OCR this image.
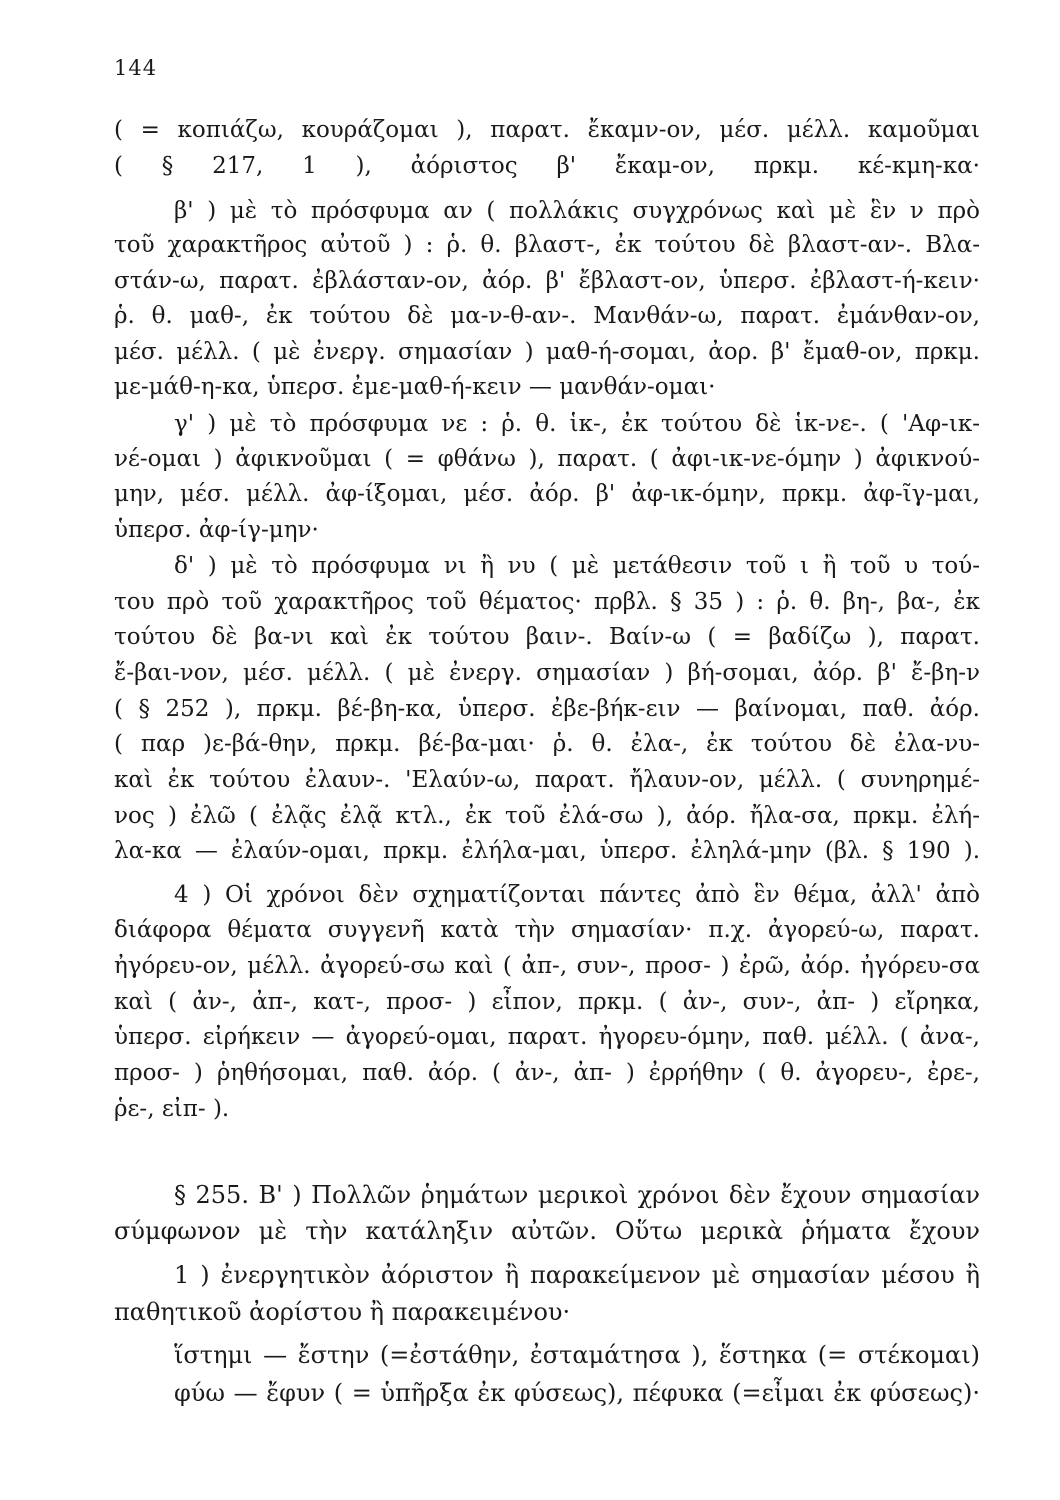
144
( = κοπιάζω, κουράζομαι ), παρατ. ἔκαμν-ον, μέσ. μέλλ. καμοῦμαι
( § 217, 1 ), ἀόριστος β' ἔκαμ-ον, πρκμ. κέ-κμη-κα·
β' ) μὲ τὸ πρόσφυμα αν ( πολλάκις συγχρόνως καὶ μὲ ἓν ν πρὸ
τοῦ χαρακτῆρος αὐτοῦ ) : ῥ. θ. βλαστ-, ἐκ τούτου δὲ βλαστ-αν-. Βλα-
στάν-ω, παρατ. ἐβλάσταν-ον, ἀόρ. β' ἔβλαστ-ον, ὑπερσ. ἐβλαστ-ή-κειν·
ῥ. θ. μαθ-, ἐκ τούτου δὲ μα-ν-θ-αν-. Μανθάν-ω, παρατ. ἐμάνθαν-ον,
μέσ. μέλλ. ( μὲ ἐνεργ. σημασίαν ) μαθ-ή-σομαι, ἀορ. β' ἔμαθ-ον, πρκμ.
με-μάθ-η-κα, ὑπερσ. ἐμε-μαθ-ή-κειν — μανθάν-ομαι·
γ' ) μὲ τὸ πρόσφυμα νε : ῥ. θ. ἱκ-, ἐκ τούτου δὲ ἱκ-νε-. ( 'Αφ-ικ-
νέ-ομαι ) ἀφικνοῦμαι ( = φθάνω ), παρατ. ( ἀφι-ικ-νε-όμην ) ἀφικνού-
μην, μέσ. μέλλ. ἀφ-ίξομαι, μέσ. ἀόρ. β' ἀφ-ικ-όμην, πρκμ. ἀφ-ῖγ-μαι,
ὑπερσ. ἀφ-ίγ-μην·
δ' ) μὲ τὸ πρόσφυμα νι ἢ νυ ( μὲ μετάθεσιν τοῦ ι ἢ τοῦ υ τού-
του πρὸ τοῦ χαρακτῆρος τοῦ θέματος· πρβλ. § 35 ) : ῥ. θ. βη-, βα-, ἐκ
τούτου δὲ βα-νι καὶ ἐκ τούτου βαιν-. Βαίν-ω ( = βαδίζω ), παρατ.
ἔ-βαι-νον, μέσ. μέλλ. ( μὲ ἐνεργ. σημασίαν ) βή-σομαι, ἀόρ. β' ἔ-βη-ν
( § 252 ), πρκμ. βέ-βη-κα, ὑπερσ. ἐβε-βήκ-ειν — βαίνομαι, παθ. ἀόρ.
( παρ )ε-βά-θην, πρκμ. βέ-βα-μαι· ῥ. θ. ἐλα-, ἐκ τούτου δὲ ἐλα-νυ-
καὶ ἐκ τούτου ἐλαυν-. 'Ελαύν-ω, παρατ. ἤλαυν-ον, μέλλ. ( συνηρημέ-
νος ) ἐλῶ ( ἐλᾷς ἐλᾷ κτλ., ἐκ τοῦ ἐλά-σω ), ἀόρ. ἤλα-σα, πρκμ. ἐλή-
λα-κα — ἐλαύν-ομαι, πρκμ. ἐλήλα-μαι, ὑπερσ. ἐληλά-μην (βλ. § 190 ).
4 ) Οἱ χρόνοι δὲν σχηματίζονται πάντες ἀπὸ ἓν θέμα, ἀλλ' ἀπὸ
διάφορα θέματα συγγενῆ κατὰ τὴν σημασίαν· π.χ. ἀγορεύ-ω, παρατ.
ἠγόρευ-ον, μέλλ. ἀγορεύ-σω καὶ ( ἀπ-, συν-, προσ- ) ἐρῶ, ἀόρ. ἠγόρευ-σα
καὶ ( ἀν-, ἀπ-, κατ-, προσ- ) εἶπον, πρκμ. ( ἀν-, συν-, ἀπ- ) εἴρηκα,
ὑπερσ. εἰρήκειν — ἀγορεύ-ομαι, παρατ. ἠγορευ-όμην, παθ. μέλλ. ( ἀνα-,
προσ- ) ῥηθήσομαι, παθ. ἀόρ. ( ἀν-, ἀπ- ) ἐρρήθην ( θ. ἀγορευ-, ἐρε-,
ῥε-, εἰπ- ).
§ 255. Β' ) Πολλῶν ῥημάτων μερικοὶ χρόνοι δὲν ἔχουν σημασίαν
σύμφωνον μὲ τὴν κατάληξιν αὐτῶν. Οὕτω μερικὰ ῥήματα ἔχουν
1 ) ἐνεργητικὸν ἀόριστον ἢ παρακείμενον μὲ σημασίαν μέσου ἢ
παθητικοῦ ἀορίστου ἢ παρακειμένου·
ἵστημι — ἔστην (=ἐστάθην, ἐσταμάτησα ), ἕστηκα (= στέκομαι)
φύω — ἔφυν ( = ὑπῆρξα ἐκ φύσεως), πέφυκα (=εἶμαι ἐκ φύσεως)·
